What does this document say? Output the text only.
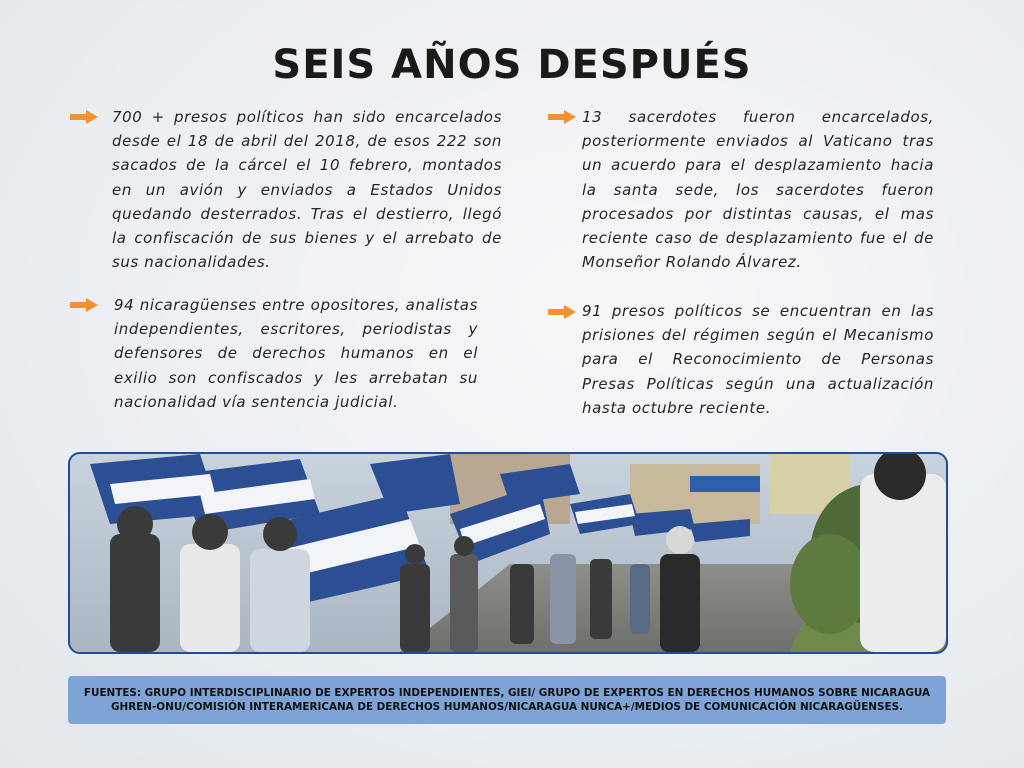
SEIS AÑOS DESPUÉS
700 + presos políticos han sido encarcelados desde el 18 de abril del 2018, de esos 222 son sacados de la cárcel el 10 febrero, montados en un avión y enviados a Estados Unidos quedando desterrados. Tras el destierro, llegó la confiscación de sus bienes y el arrebato de sus nacionalidades.
13 sacerdotes fueron encarcelados, posteriormente enviados al Vaticano tras un acuerdo para el desplazamiento hacia la santa sede, los sacerdotes fueron procesados por distintas causas, el mas reciente caso de desplazamiento fue el de Monseñor Rolando Álvarez.
94 nicaragüenses entre opositores, analistas independientes, escritores, periodistas y defensores de derechos humanos en el exilio son confiscados y les arrebatan su nacionalidad vía sentencia judicial.
91 presos políticos se encuentran en las prisiones del régimen según el Mecanismo para el Reconocimiento de Personas Presas Políticas según una actualización hasta octubre reciente.
FUENTES: GRUPO INTERDISCIPLINARIO DE EXPERTOS INDEPENDIENTES, GIEI/ GRUPO DE EXPERTOS EN DERECHOS HUMANOS SOBRE NICARAGUA
GHREN-ONU/COMISIÓN INTERAMERICANA DE DERECHOS HUMANOS/NICARAGUA NUNCA+/MEDIOS DE COMUNICACIÓN NICARAGÜENSES.
